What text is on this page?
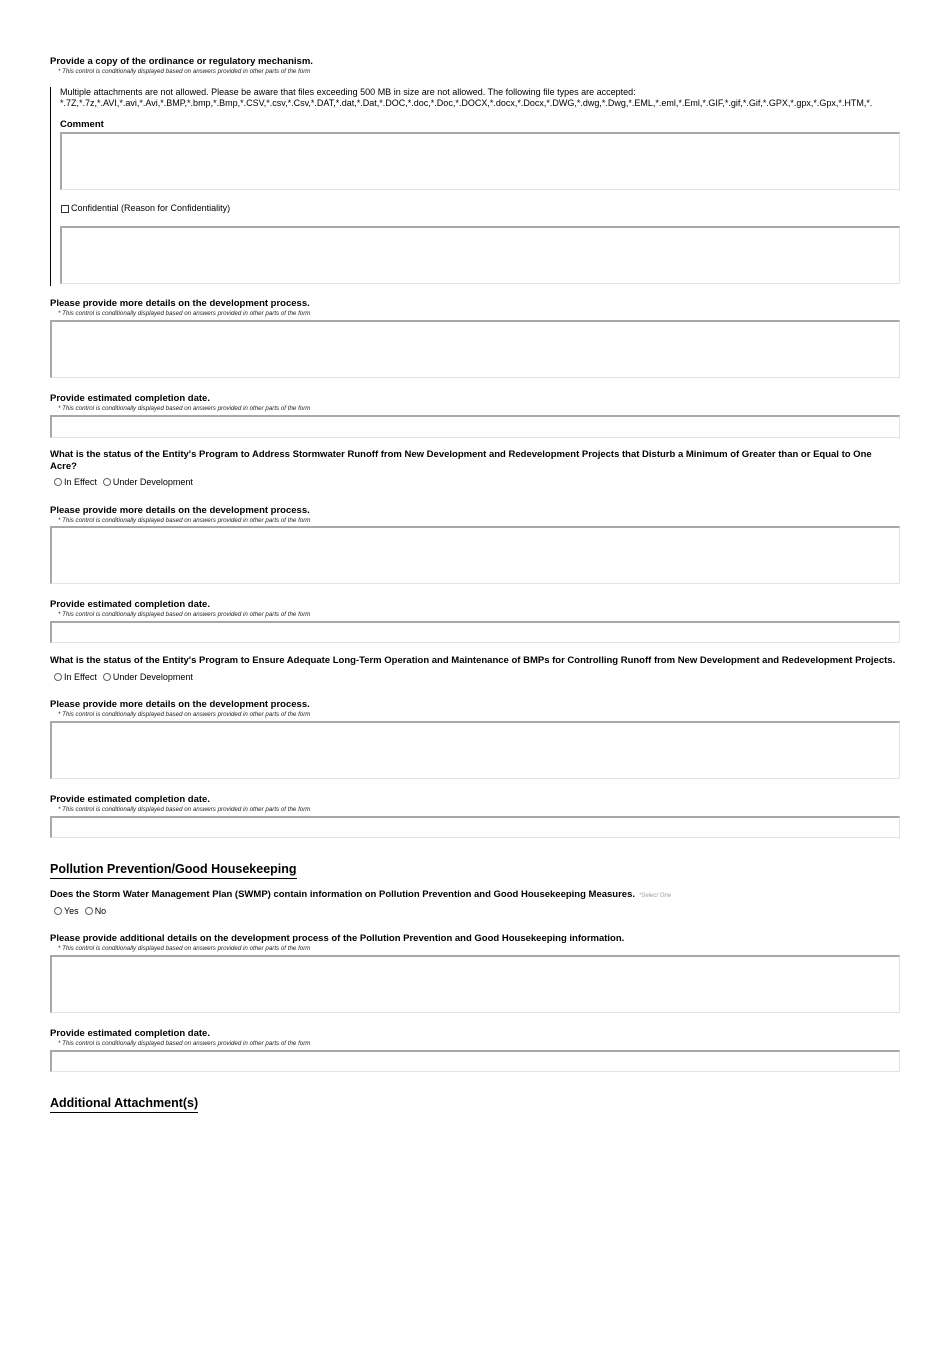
Provide a copy of the ordinance or regulatory mechanism.
* This control is conditionally displayed based on answers provided in other parts of the form
Multiple attachments are not allowed. Please be aware that files exceeding 500 MB in size are not allowed. The following file types are accepted:
*.7Z,*.7z,*.AVI,*.avi,*.Avi,*.BMP,*.bmp,*.Bmp,*.CSV,*.csv,*.Csv,*.DAT,*.dat,*.Dat,*.DOC,*.doc,*.Doc,*.DOCX,*.docx,*.Docx,*.DWG,*.dwg,*.Dwg,*.EML,*.eml,*.Eml,*.GIF,*.gif,*.Gif,*.GPX,*.gpx,*.Gpx,*.HTM,*.
Comment
Confidential (Reason for Confidentiality)
Please provide more details on the development process.
* This control is conditionally displayed based on answers provided in other parts of the form
Provide estimated completion date.
* This control is conditionally displayed based on answers provided in other parts of the form
What is the status of the Entity's Program to Address Stormwater Runoff from New Development and Redevelopment Projects that Disturb a Minimum of Greater than or Equal to One Acre?
In Effect Under Development
Please provide more details on the development process.
* This control is conditionally displayed based on answers provided in other parts of the form
Provide estimated completion date.
* This control is conditionally displayed based on answers provided in other parts of the form
What is the status of the Entity's Program to Ensure Adequate Long-Term Operation and Maintenance of BMPs for Controlling Runoff from New Development and Redevelopment Projects.
In Effect Under Development
Please provide more details on the development process.
* This control is conditionally displayed based on answers provided in other parts of the form
Provide estimated completion date.
* This control is conditionally displayed based on answers provided in other parts of the form
Pollution Prevention/Good Housekeeping
Does the Storm Water Management Plan (SWMP) contain information on Pollution Prevention and Good Housekeeping Measures. *Select One
Yes No
Please provide additional details on the development process of the Pollution Prevention and Good Housekeeping information.
* This control is conditionally displayed based on answers provided in other parts of the form
Provide estimated completion date.
* This control is conditionally displayed based on answers provided in other parts of the form
Additional Attachment(s)
